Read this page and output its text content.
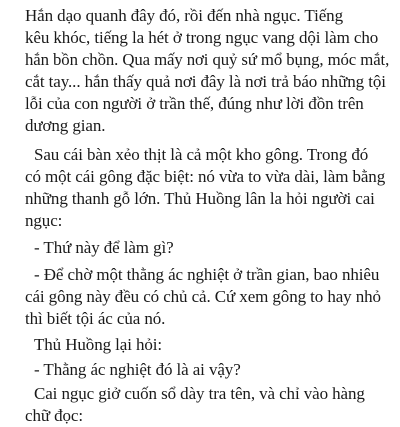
Hắn dạo quanh đây đó, rồi đến nhà ngục. Tiếng
kêu khóc, tiếng la hét ở trong ngục vang dội làm cho
hắn bồn chồn. Qua mấy nơi quỷ sứ mổ bụng, móc mắt,
cắt tay... hắn thấy quả nơi đây là nơi trả báo những tội
lỗi của con người ở trần thế, đúng như lời đồn trên
dương gian.
Sau cái bàn xẻo thịt là cả một kho gông. Trong đó
có một cái gông đặc biệt: nó vừa to vừa dài, làm bằng
những thanh gỗ lớn. Thủ Huồng lân la hỏi người cai
ngục:
- Thứ này để làm gì?
- Để chờ một thằng ác nghiệt ở trần gian, bao nhiêu
cái gông này đều có chủ cả. Cứ xem gông to hay nhỏ
thì biết tội ác của nó.
Thủ Huồng lại hỏi:
- Thằng ác nghiệt đó là ai vậy?
Cai ngục giở cuốn sổ dày tra tên, và chỉ vào hàng
chữ đọc:
